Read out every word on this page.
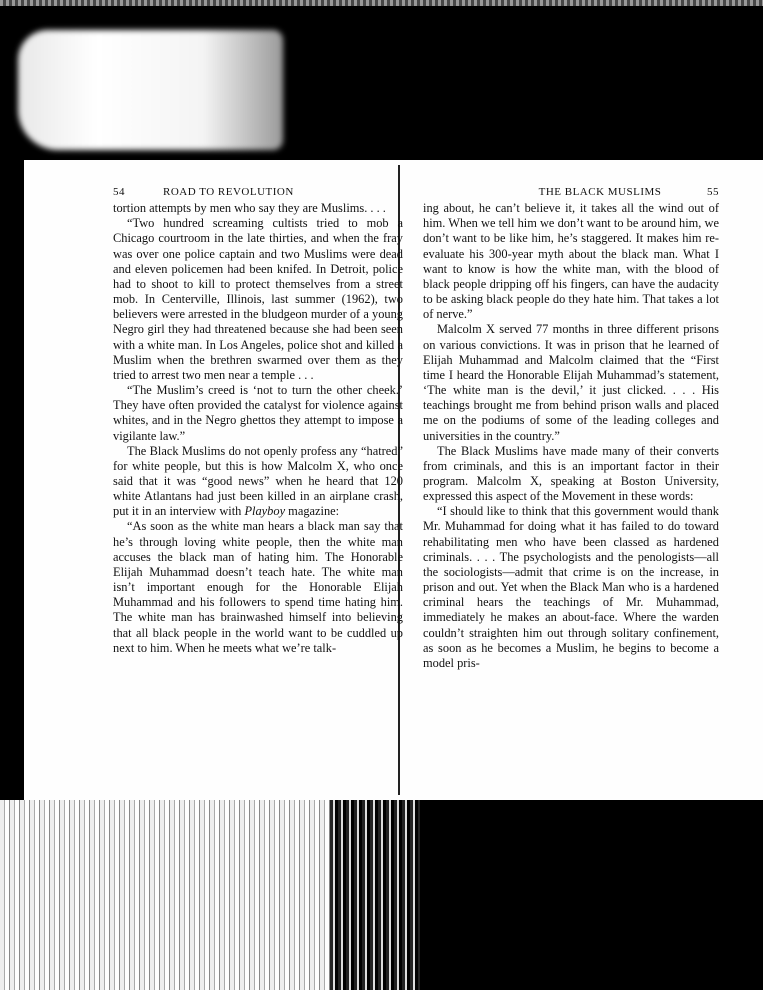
54	ROAD TO REVOLUTION

tortion attempts by men who say they are Muslims. . . .

“Two hundred screaming cultists tried to mob a Chicago courtroom in the late thirties, and when the fray was over one police captain and two Muslims were dead and eleven policemen had been knifed. In Detroit, police had to shoot to kill to protect themselves from a street mob. In Centerville, Illinois, last summer (1962), two believers were arrested in the bludgeon murder of a young Negro girl they had threatened because she had been seen with a white man. In Los Angeles, police shot and killed a Muslim when the brethren swarmed over them as they tried to arrest two men near a temple . . .

“The Muslim’s creed is ‘not to turn the other cheek.’ They have often provided the catalyst for violence against whites, and in the Negro ghettos they attempt to impose a vigilante law.”

The Black Muslims do not openly profess any “hatred” for white people, but this is how Malcolm X, who once said that it was “good news” when he heard that 120 white Atlantans had just been killed in an airplane crash, put it in an interview with Playboy magazine:

“As soon as the white man hears a black man say that he’s through loving white people, then the white man accuses the black man of hating him. The Honorable Elijah Muhammad doesn’t teach hate. The white man isn’t important enough for the Honorable Elijah Muhammad and his followers to spend time hating him. The white man has brainwashed himself into believing that all black people in the world want to be cuddled up next to him. When he meets what we’re talk-

THE BLACK MUSLIMS	55

ing about, he can’t believe it, it takes all the wind out of him. When we tell him we don’t want to be around him, we don’t want to be like him, he’s staggered. It makes him re-evaluate his 300-year myth about the black man. What I want to know is how the white man, with the blood of black people dripping off his fingers, can have the audacity to be asking black people do they hate him. That takes a lot of nerve.”

Malcolm X served 77 months in three different prisons on various convictions. It was in prison that he learned of Elijah Muhammad and Malcolm claimed that the “First time I heard the Honorable Elijah Muhammad’s statement, ‘The white man is the devil,’ it just clicked. . . . His teachings brought me from behind prison walls and placed me on the podiums of some of the leading colleges and universities in the country.”

The Black Muslims have made many of their converts from criminals, and this is an important factor in their program. Malcolm X, speaking at Boston University, expressed this aspect of the Movement in these words:

“I should like to think that this government would thank Mr. Muhammad for doing what it has failed to do toward rehabilitating men who have been classed as hardened criminals. . . . The psychologists and the penologists—all the sociologists—admit that crime is on the increase, in prison and out. Yet when the Black Man who is a hardened criminal hears the teachings of Mr. Muhammad, immediately he makes an about-face. Where the warden couldn’t straighten him out through solitary confinement, as soon as he becomes a Muslim, he begins to become a model pris-
